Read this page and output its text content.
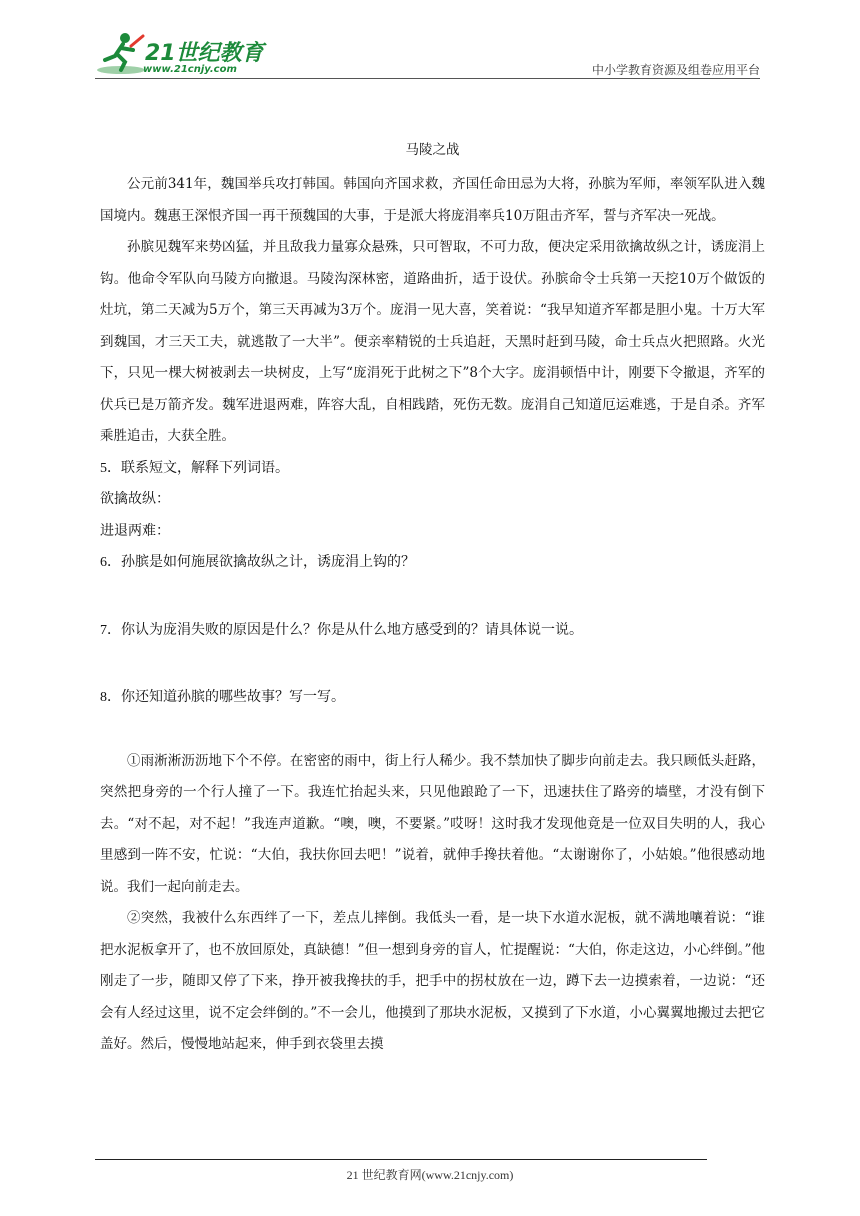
21世纪教育
www.21cnjy.com	中小学教育资源及组卷应用平台

马陵之战

公元前341年，魏国举兵攻打韩国。韩国向齐国求救，齐国任命田忌为大将，孙膑为军师，率领军队进入魏国境内。魏惠王深恨齐国一再干预魏国的大事，于是派大将庞涓率兵10万阻击齐军，誓与齐军决一死战。

孙膑见魏军来势凶猛，并且敌我力量寡众悬殊，只可智取，不可力敌，便决定采用欲擒故纵之计，诱庞涓上钩。他命令军队向马陵方向撤退。马陵沟深林密，道路曲折，适于设伏。孙膑命令士兵第一天挖10万个做饭的灶坑，第二天减为5万个，第三天再减为3万个。庞涓一见大喜，笑着说：“我早知道齐军都是胆小鬼。十万大军到魏国，才三天工夫，就逃散了一大半”。便亲率精锐的士兵追赶，天黑时赶到马陵，命士兵点火把照路。火光下，只见一棵大树被剥去一块树皮，上写“庞涓死于此树之下”8个大字。庞涓顿悟中计，刚要下令撤退，齐军的伏兵已是万箭齐发。魏军进退两难，阵容大乱，自相践踏，死伤无数。庞涓自己知道厄运难逃，于是自杀。齐军乘胜追击，大获全胜。

5．联系短文，解释下列词语。

欲擒故纵：

进退两难：

6．孙膑是如何施展欲擒故纵之计，诱庞涓上钩的？

7．你认为庞涓失败的原因是什么？你是从什么地方感受到的？请具体说一说。

8．你还知道孙膑的哪些故事？写一写。

①雨淅淅沥沥地下个不停。在密密的雨中，街上行人稀少。我不禁加快了脚步向前走去。我只顾低头赶路，突然把身旁的一个行人撞了一下。我连忙抬起头来，只见他踉跄了一下，迅速扶住了路旁的墙壁，才没有倒下去。“对不起，对不起！”我连声道歉。“噢，噢，不要紧。”哎呀！这时我才发现他竟是一位双目失明的人，我心里感到一阵不安，忙说：“大伯，我扶你回去吧！”说着，就伸手搀扶着他。“太谢谢你了，小姑娘。”他很感动地说。我们一起向前走去。

②突然，我被什么东西绊了一下，差点儿摔倒。我低头一看，是一块下水道水泥板，就不满地嚷着说：“谁把水泥板拿开了，也不放回原处，真缺德！”但一想到身旁的盲人，忙提醒说：“大伯，你走这边，小心绊倒。”他刚走了一步，随即又停了下来，挣开被我搀扶的手，把手中的拐杖放在一边，蹲下去一边摸索着，一边说：“还会有人经过这里，说不定会绊倒的。”不一会儿，他摸到了那块水泥板，又摸到了下水道，小心翼翼地搬过去把它盖好。然后，慢慢地站起来，伸手到衣袋里去摸

21 世纪教育网(www.21cnjy.com)
